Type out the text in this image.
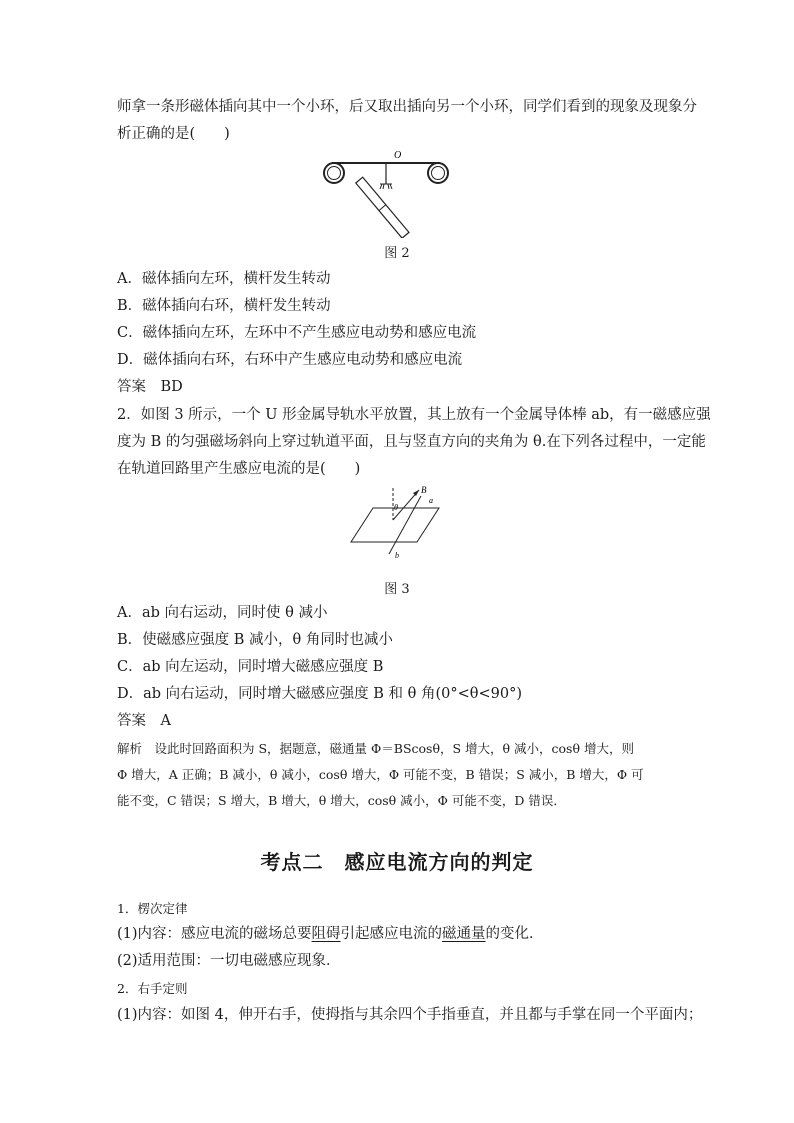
师拿一条形磁体插向其中一个小环，后又取出插向另一个小环，同学们看到的现象及现象分
析正确的是(　　)
O
图 2
A．磁体插向左环，横杆发生转动
B．磁体插向右环，横杆发生转动
C．磁体插向左环，左环中不产生感应电动势和感应电流
D．磁体插向右环，右环中产生感应电动势和感应电流
答案　BD
2．如图 3 所示，一个 U 形金属导轨水平放置，其上放有一个金属导体棒 ab，有一磁感应强
度为 B 的匀强磁场斜向上穿过轨道平面，且与竖直方向的夹角为 θ.在下列各过程中，一定能
在轨道回路里产生感应电流的是(　　)
B
θ
a
b
图 3
A．ab 向右运动，同时使 θ 减小
B．使磁感应强度 B 减小，θ 角同时也减小
C．ab 向左运动，同时增大磁感应强度 B
D．ab 向右运动，同时增大磁感应强度 B 和 θ 角(0°<θ<90°)
答案　A
解析　设此时回路面积为 S，据题意，磁通量 Φ＝BScosθ，S 增大，θ 减小，cosθ 增大，则
Φ 增大，A 正确；B 减小，θ 减小，cosθ 增大，Φ 可能不变，B 错误；S 减小，B 增大，Φ 可
能不变，C 错误；S 增大，B 增大，θ 增大，cosθ 减小，Φ 可能不变，D 错误．
考点二　感应电流方向的判定
1．楞次定律
(1)内容：感应电流的磁场总要阻碍引起感应电流的磁通量的变化．
(2)适用范围：一切电磁感应现象．
2．右手定则
(1)内容：如图 4，伸开右手，使拇指与其余四个手指垂直，并且都与手掌在同一个平面内；
